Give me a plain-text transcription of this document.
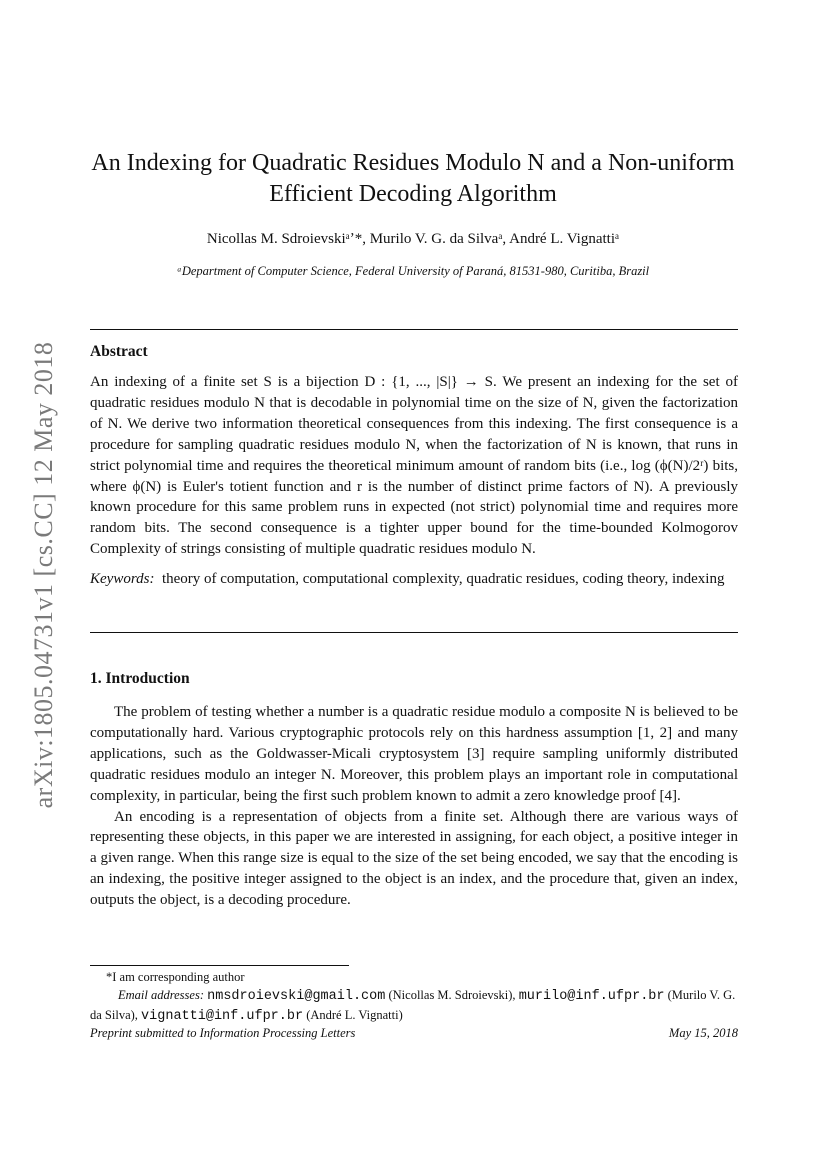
arXiv:1805.04731v1 [cs.CC] 12 May 2018
An Indexing for Quadratic Residues Modulo N and a Non-uniform
Efficient Decoding Algorithm
Nicollas M. Sdroievskiᵃʼ*, Murilo V. G. da Silvaᵃ, André L. Vignattiᵃ
ᵃDepartment of Computer Science, Federal University of Paraná, 81531-980, Curitiba, Brazil
Abstract

An indexing of a finite set S is a bijection D : {1, ..., |S|} → S. We present an indexing for the set of quadratic residues modulo N that is decodable in polynomial time on the size of N, given the factorization of N. We derive two information theoretical consequences from this indexing. The first consequence is a procedure for sampling quadratic residues modulo N, when the factorization of N is known, that runs in strict polynomial time and requires the theoretical minimum amount of random bits (i.e., log (ϕ(N)/2ʳ) bits, where ϕ(N) is Euler's totient function and r is the number of distinct prime factors of N). A previously known procedure for this same problem runs in expected (not strict) polynomial time and requires more random bits. The second consequence is a tighter upper bound for the time-bounded Kolmogorov Complexity of strings consisting of multiple quadratic residues modulo N.

Keywords: theory of computation, computational complexity, quadratic residues, coding theory, indexing

1. Introduction

The problem of testing whether a number is a quadratic residue modulo a composite N is believed to be computationally hard. Various cryptographic protocols rely on this hardness assumption [1, 2] and many applications, such as the Goldwasser-Micali cryptosystem [3] require sampling uniformly distributed quadratic residues modulo an integer N. Moreover, this problem plays an important role in computational complexity, in particular, being the first such problem known to admit a zero knowledge proof [4].

An encoding is a representation of objects from a finite set. Although there are various ways of representing these objects, in this paper we are interested in assigning, for each object, a positive integer in a given range. When this range size is equal to the size of the set being encoded, we say that the encoding is an indexing, the positive integer assigned to the object is an index, and the procedure that, given an index, outputs the object, is a decoding procedure.

*I am corresponding author
Email addresses: nmsdroievski@gmail.com (Nicollas M. Sdroievski), murilo@inf.ufpr.br (Murilo V. G. da Silva), vignatti@inf.ufpr.br (André L. Vignatti)
Preprint submitted to Information Processing Letters	May 15, 2018
